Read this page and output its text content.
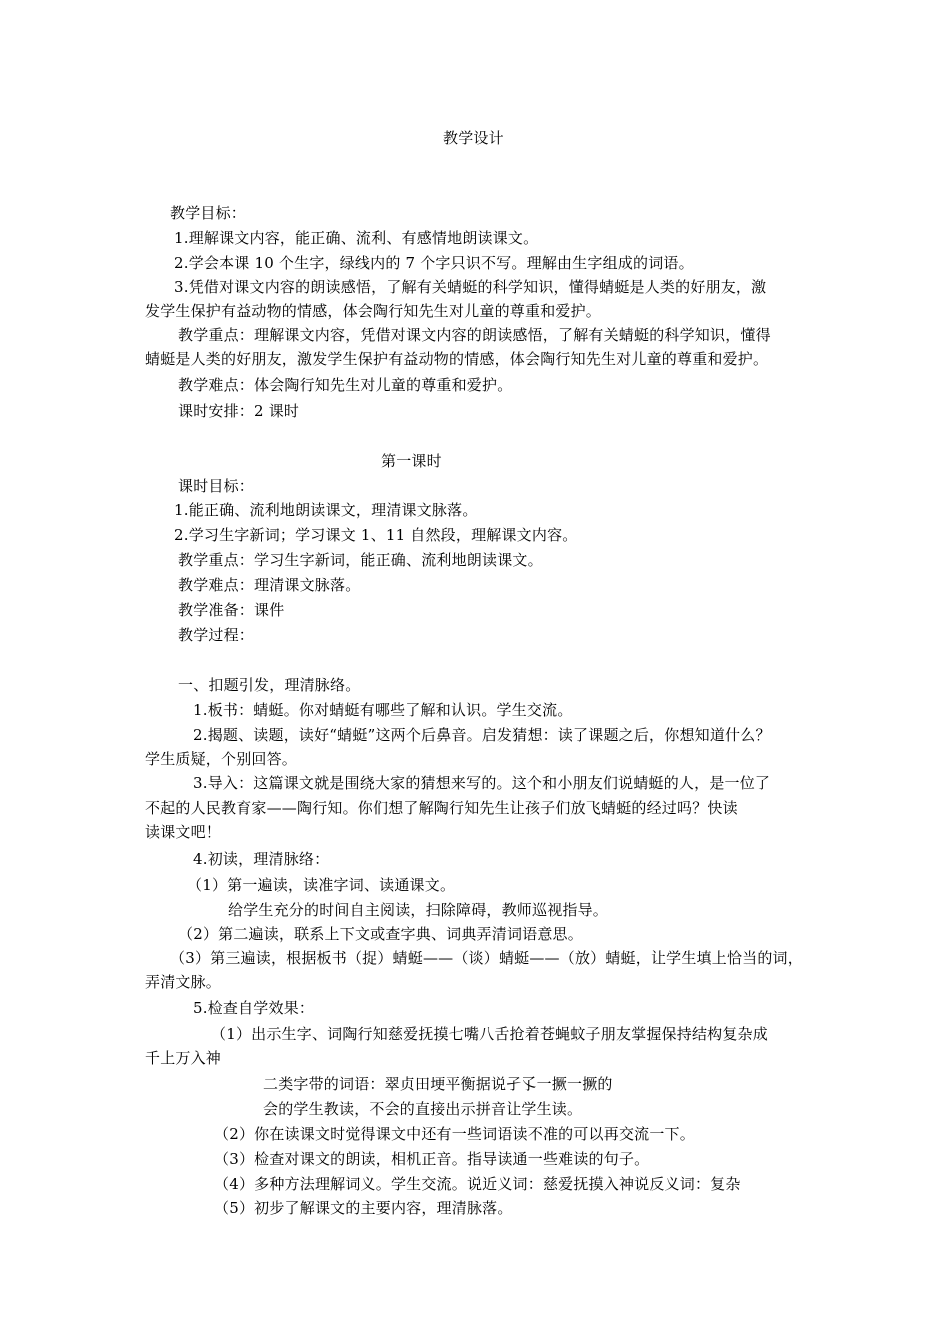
教学设计
教学目标：
1.理解课文内容，能正确、流利、有感情地朗读课文。
2.学会本课 10 个生字，绿线内的 7 个字只识不写。理解由生字组成的词语。
3.凭借对课文内容的朗读感悟，了解有关蜻蜓的科学知识，懂得蜻蜓是人类的好朋友，激
发学生保护有益动物的情感，体会陶行知先生对儿童的尊重和爱护。
教学重点：理解课文内容，凭借对课文内容的朗读感悟，了解有关蜻蜓的科学知识，懂得
蜻蜓是人类的好朋友，激发学生保护有益动物的情感，体会陶行知先生对儿童的尊重和爱护。
教学难点：体会陶行知先生对儿童的尊重和爱护。
课时安排：2 课时
第一课时
课时目标：
1.能正确、流利地朗读课文，理清课文脉落。
2.学习生字新词；学习课文 1、11 自然段，理解课文内容。
教学重点：学习生字新词，能正确、流利地朗读课文。
教学难点：理清课文脉落。
教学准备：课件
教学过程：
一、扣题引发，理清脉络。
1.板书：蜻蜓。你对蜻蜓有哪些了解和认识。学生交流。
2.揭题、读题，读好“蜻蜓”这两个后鼻音。启发猜想：读了课题之后，你想知道什么？
学生质疑，个别回答。
3.导入：这篇课文就是围绕大家的猜想来写的。这个和小朋友们说蜻蜓的人，是一位了
不起的人民教育家——陶行知。你们想了解陶行知先生让孩子们放飞蜻蜓的经过吗？快读
读课文吧！
4.初读，理清脉络：
（1）第一遍读，读准字词、读通课文。
给学生充分的时间自主阅读，扫除障碍，教师巡视指导。
（2）第二遍读，联系上下文或查字典、词典弄清词语意思。
（3）第三遍读，根据板书（捉）蜻蜓——（谈）蜻蜓——（放）蜻蜓，让学生填上恰当的词，
弄清文脉。
5.检查自学效果：
（1）出示生字、词陶行知慈爱抚摸七嘴八舌抢着苍蝇蚊子朋友掌握保持结构复杂成
千上万入神
二类字带的词语：翠贞田埂平衡据说孑孓一撅一撅的
会的学生教读，不会的直接出示拼音让学生读。
（2）你在读课文时觉得课文中还有一些词语读不准的可以再交流一下。
（3）检查对课文的朗读，相机正音。指导读通一些难读的句子。
（4）多种方法理解词义。学生交流。说近义词：慈爱抚摸入神说反义词：复杂
（5）初步了解课文的主要内容，理清脉落。
